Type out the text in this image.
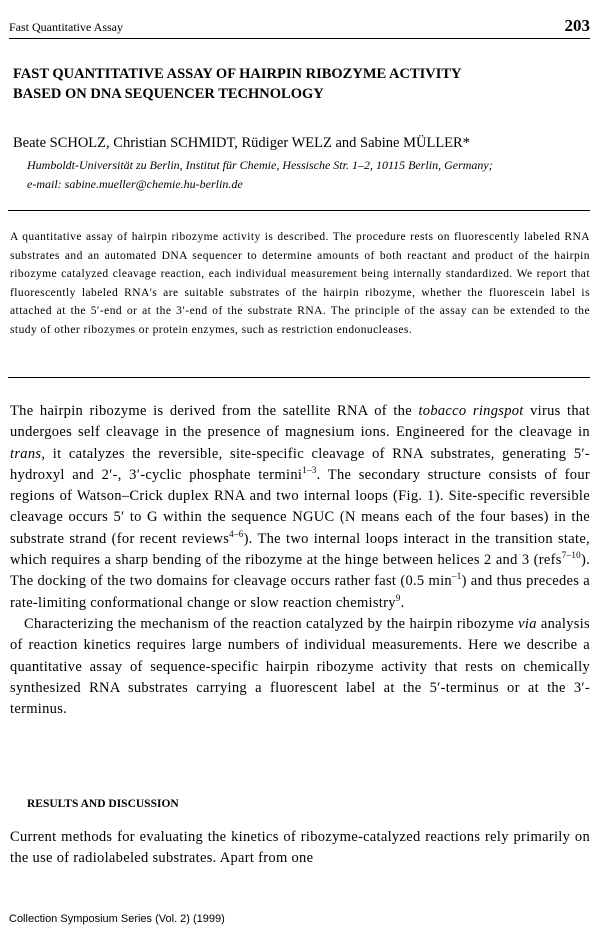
Fast Quantitative Assay	203
FAST QUANTITATIVE ASSAY OF HAIRPIN RIBOZYME ACTIVITY
BASED ON DNA SEQUENCER TECHNOLOGY
Beate SCHOLZ, Christian SCHMIDT, Rüdiger WELZ and Sabine MÜLLER*
Humboldt-Universität zu Berlin, Institut für Chemie, Hessische Str. 1–2, 10115 Berlin, Germany;
e-mail: sabine.mueller@chemie.hu-berlin.de
A quantitative assay of hairpin ribozyme activity is described. The procedure rests on fluorescently labeled RNA substrates and an automated DNA sequencer to determine amounts of both reactant and product of the hairpin ribozyme catalyzed cleavage reaction, each individual measurement being internally standardized. We report that fluorescently labeled RNA's are suitable substrates of the hairpin ribozyme, whether the fluorescein label is attached at the 5′-end or at the 3′-end of the substrate RNA. The principle of the assay can be extended to the study of other ribozymes or protein enzymes, such as restriction endonucleases.

The hairpin ribozyme is derived from the satellite RNA of the tobacco ringspot virus that undergoes self cleavage in the presence of magnesium ions. Engineered for the cleavage in trans, it catalyzes the reversible, site-specific cleavage of RNA substrates, generating 5′-hydroxyl and 2′-, 3′-cyclic phosphate termini$^{1-3}$. The secondary structure consists of four regions of Watson–Crick duplex RNA and two internal loops (Fig. 1). Site-specific reversible cleavage occurs 5′ to G within the sequence NGUC (N means each of the four bases) in the substrate strand (for recent reviews$^{4-6}$). The two internal loops interact in the transition state, which requires a sharp bending of the ribozyme at the hinge between helices 2 and 3 (refs$^{7-10}$). The docking of the two domains for cleavage occurs rather fast (0.5 $\min^{-1}$) and thus precedes a rate-limiting conformational change or slow reaction chemistry$^9$.

Characterizing the mechanism of the reaction catalyzed by the hairpin ribozyme via analysis of reaction kinetics requires large numbers of individual measurements. Here we describe a quantitative assay of sequence-specific hairpin ribozyme activity that rests on chemically synthesized RNA substrates carrying a fluorescent label at the 5′-terminus or at the 3′-terminus.

RESULTS AND DISCUSSION
Current methods for evaluating the kinetics of ribozyme-catalyzed reactions rely primarily on the use of radiolabeled substrates. Apart from one
Collection Symposium Series (Vol. 2) (1999)
